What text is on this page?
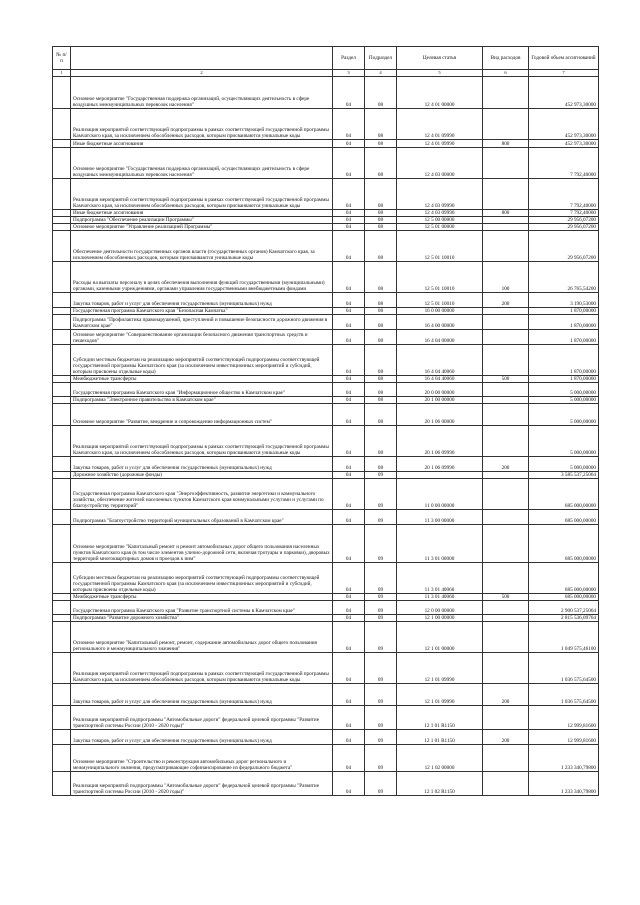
№ п/п		Раздел	Подраздел	Целевая статья	Вид расходов	Годовой объем ассигнований
1	2	3	4	5	6	7
	Основное мероприятие "Государственная поддержка организаций, осуществляющих деятельность в сфере воздушных межмуниципальных перевозок населения"	04	08	12 4 01 00000		452 973,30000
	Реализация мероприятий соответствующей подпрограммы в рамках соответствующей государственной программы Камчатского края, за исключением обособленных расходов, которым присваиваются уникальные коды	04	08	12 4 01 09990		452 973,30000
	Иные бюджетные ассигнования	04	08	12 4 01 09990	800	452 973,30000
	Основное мероприятие "Государственная поддержка организаций, осуществляющих деятельность в сфере воздушных межмуниципальных перевозок населения"	04	08	12 4 03 00000		7 792,40000
	Реализация мероприятий соответствующей подпрограммы в рамках соответствующей государственной программы Камчатского края, за исключением обособленных расходов, которым присваиваются уникальные коды	04	08	12 4 03 09990		7 792,40000
	Иные бюджетные ассигнования	04	08	12 4 03 09990	800	7 792,40000
	Подпрограмма "Обеспечение реализации Программы"	04	08	12 5 00 00000		29 956,07200
	Основное мероприятие "Управление реализацией Программы"	04	08	12 5 01 00000		29 956,07200
	Обеспечение деятельности государственных органов власти (государственных органов) Камчатского края, за исключением обособленных расходов, которым присваиваются уникальные коды	04	08	12 5 01 10010		29 956,07200
	Расходы на выплаты персоналу в целях обеспечения выполнения функций государственными (муниципальными) органами, казенными учреждениями, органами управления государственными внебюджетными фондами	04	08	12 5 01 10010	100	26 765,54200
	Закупка товаров, работ и услуг для обеспечения государственных (муниципальных) нужд	04	08	12 5 01 10010	200	3 190,53000
	Государственная программа Камчатского края "Безопасная Камчатка"	04	08	16 0 00 00000		1 870,00000
	Подпрограмма "Профилактика правонарушений, преступлений и повышение безопасности дорожного движения в Камчатском крае"	04	08	16 4 00 00000		1 870,00000
	Основное мероприятие "Совершенствование организации безопасного движения транспортных средств и пешеходов"	04	08	16 4 04 00000		1 870,00000
	Субсидии местным бюджетам на реализацию мероприятий соответствующей подпрограммы соответствующей государственной программы Камчатского края (за исключением инвестиционных мероприятий и субсидий, которым присвоены отдельные коды)	04	08	16 4 04 40060		1 870,00000
	Межбюджетные трансферты	04	08	16 4 04 40060	500	1 870,00000
	Государственная программа Камчатского края "Информационное общество в Камчатском крае"	04	08	20 0 00 00000		5 000,00000
	Подпрограмма "Электронное правительство в Камчатском крае"	04	08	20 1 00 00000		5 000,00000
	Основное мероприятие "Развитие, внедрение и сопровождение информационных систем"	04	08	20 1 06 00000		5 000,00000
	Реализация мероприятий соответствующей подпрограммы в рамках соответствующей государственной программы Камчатского края, за исключением обособленных расходов, которым присваиваются уникальные коды	04	08	20 1 06 09990		5 000,00000
	Закупка товаров, работ и услуг для обеспечения государственных (муниципальных) нужд	04	08	20 1 06 09990	200	5 000,00000
	Дорожное хозяйство (дорожные фонды)	04	09			3 585 537,25064
	Государственная программа Камчатского края "Энергоэффективность, развитие энергетики и коммунального хозяйства, обеспечение жителей населенных пунктов Камчатского края коммунальными услугами и услугами по благоустройству территорий"	04	09	11 0 00 00000		685 000,00000
	Подпрограмма "Благоустройство территорий муниципальных образований в Камчатском крае"	04	09	11 3 00 00000		685 000,00000
	Основное мероприятие "Капитальный ремонт и ремонт автомобильных дорог общего пользования населенных пунктов Камчатского края (в том числе элементов улично-дорожной сети, включая тротуары и парковки), дворовых территорий многоквартирных домов и проездов к ним"	04	09	11 3 01 00000		685 000,00000
	Субсидии местным бюджетам на реализацию мероприятий соответствующей подпрограммы соответствующей государственной программы Камчатского края (за исключением инвестиционных мероприятий и субсидий, которым присвоены отдельные коды)	04	09	11 3 01 40060		685 000,00000
	Межбюджетные трансферты	04	09	11 3 01 40060	500	685 000,00000
	Государственная программа Камчатского края "Развитие транспортной системы в Камчатском крае"	04	09	12 0 00 00000		2 900 537,25064
	Подпрограмма "Развитие дорожного хозяйства"	04	09	12 1 00 00000		2 815 536,09764
	Основное мероприятие "Капитальный ремонт, ремонт, содержание автомобильных дорог общего пользования регионального и межмуниципального значения"	04	09	12 1 01 00000		1 049 575,46100
	Реализация мероприятий соответствующей подпрограммы в рамках соответствующей государственной программы Камчатского края, за исключением обособленных расходов, которым присваиваются уникальные коды	04	09	12 1 01 09990		1 036 575,64500
	Закупка товаров, работ и услуг для обеспечения государственных (муниципальных) нужд	04	09	12 1 01 09990	200	1 036 575,64500
	Реализация мероприятий подпрограммы "Автомобильные дороги" федеральной целевой программы "Развитие транспортной системы России (2010 - 2020 годы)"	04	09	12 1 01 R1150		12 999,81600
	Закупка товаров, работ и услуг для обеспечения государственных (муниципальных) нужд	04	09	12 1 01 R1150	200	12 999,81600
	Основное мероприятие "Строительство и реконструкция автомобильных дорог регионального и межмуниципального значения, предусматривающие софинансирование из федерального бюджета"	04	09	12 1 02 00000		1 233 340,79800
	Реализация мероприятий подпрограммы "Автомобильные дороги" федеральной целевой программы "Развитие транспортной системы России (2010 - 2020 годы)"	04	09	12 1 02 R1150		1 233 340,79800
